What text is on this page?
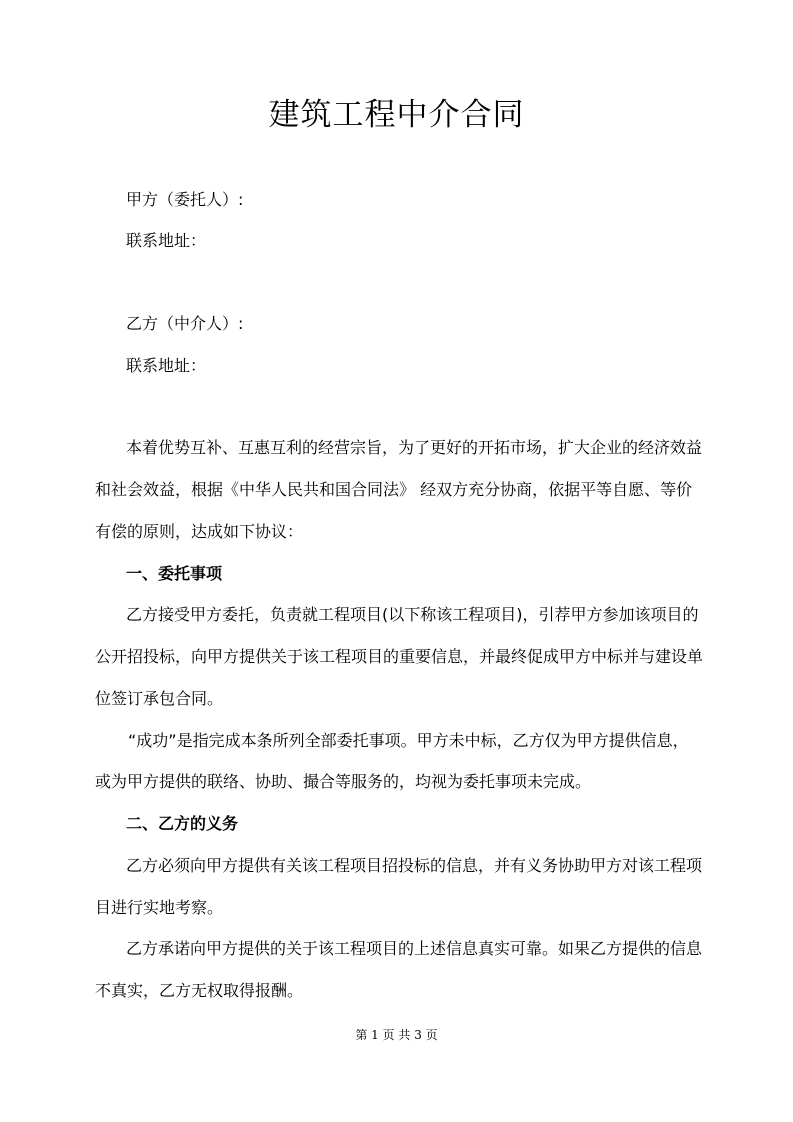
建筑工程中介合同
甲方（委托人）:
联系地址：
乙方（中介人）:
联系地址：
本着优势互补、互惠互利的经营宗旨，为了更好的开拓市场，扩大企业的经济效益
和社会效益，根据《中华人民共和国合同法》 经双方充分协商，依据平等自愿、等价
有偿的原则，达成如下协议：
一、委托事项
乙方接受甲方委托，负责就工程项目(以下称该工程项目)，引荐甲方参加该项目的
公开招投标，向甲方提供关于该工程项目的重要信息，并最终促成甲方中标并与建设单
位签订承包合同。
“成功”是指完成本条所列全部委托事项。甲方未中标，乙方仅为甲方提供信息，
或为甲方提供的联络、协助、撮合等服务的，均视为委托事项未完成。
二、乙方的义务
乙方必须向甲方提供有关该工程项目招投标的信息，并有义务协助甲方对该工程项
目进行实地考察。
乙方承诺向甲方提供的关于该工程项目的上述信息真实可靠。如果乙方提供的信息
不真实，乙方无权取得报酬。
第 1 页 共 3 页
